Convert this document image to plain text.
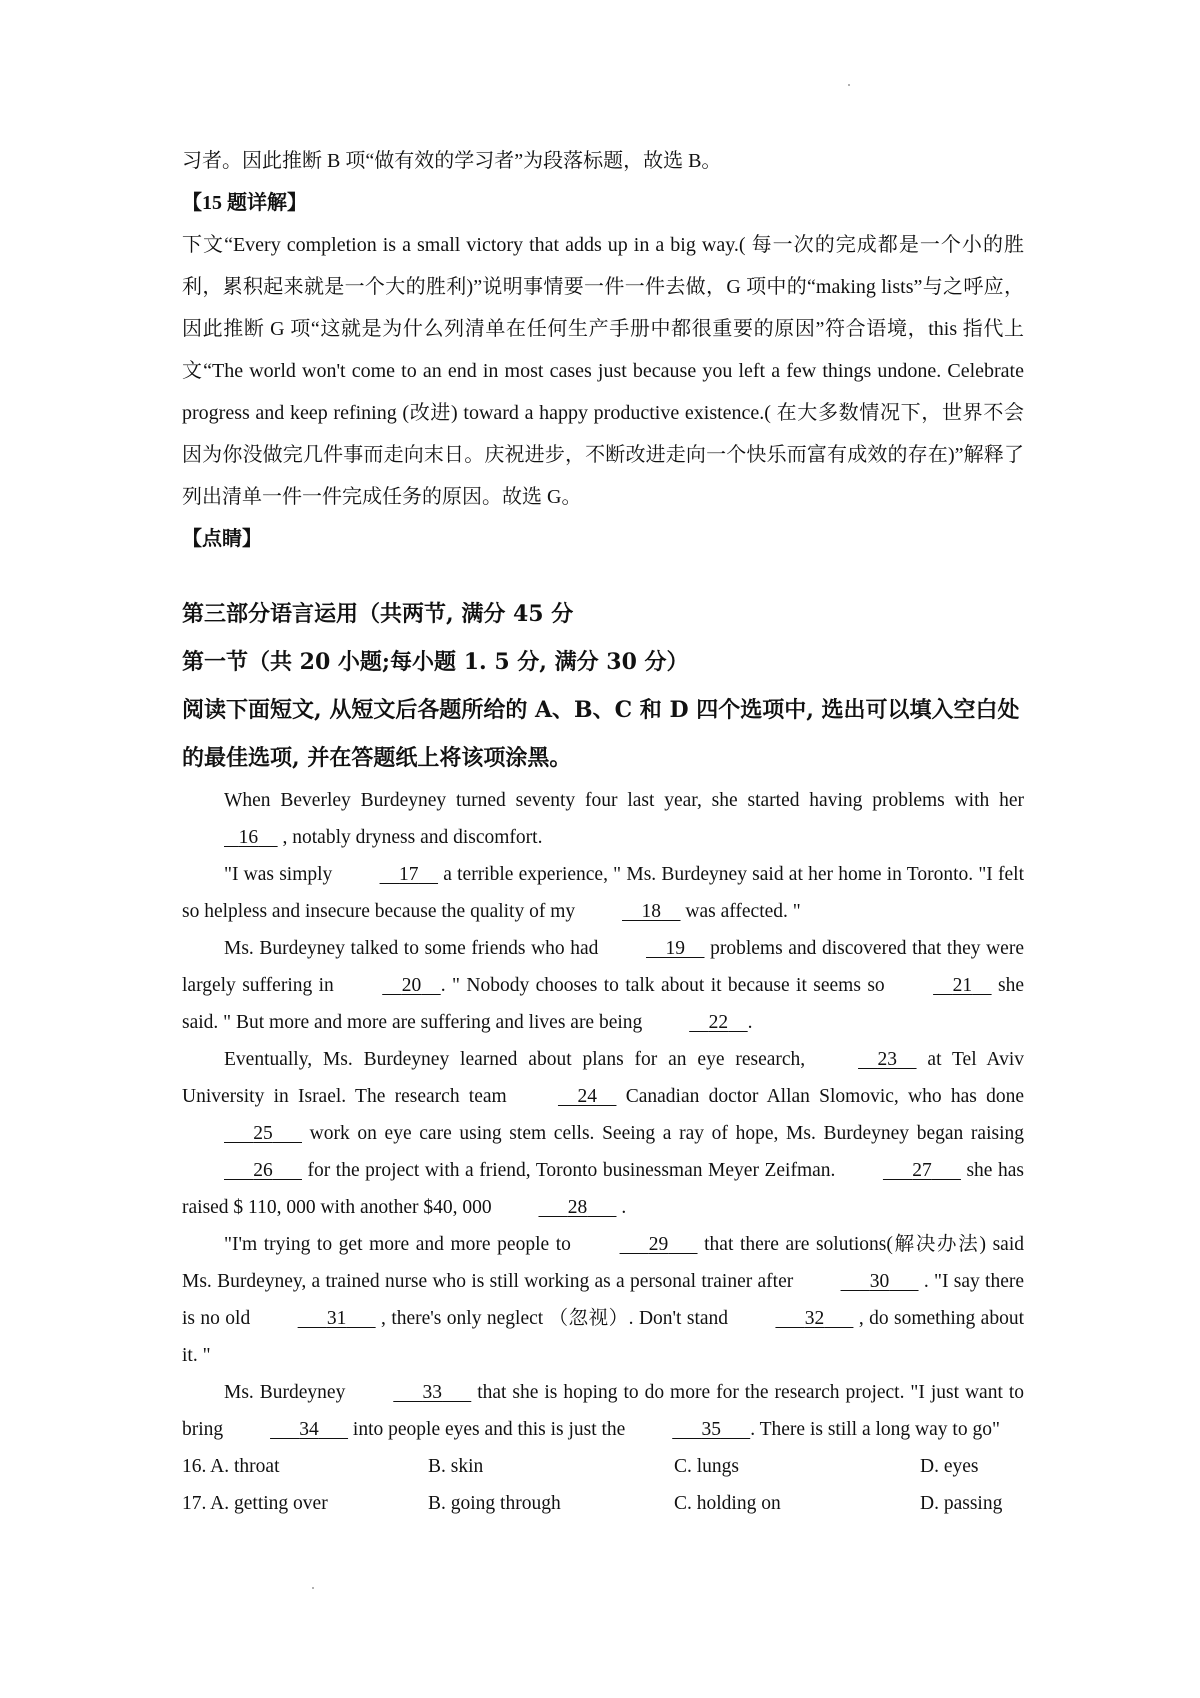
习者。因此推断 B 项“做有效的学习者”为段落标题，故选 B。
【15 题详解】
下文“Every completion is a small victory that adds up in a big way.( 每一次的完成都是一个小的胜利，累积起来就是一个大的胜利)”说明事情要一件一件去做，G 项中的“making lists”与之呼应，因此推断 G 项“这就是为什么列清单在任何生产手册中都很重要的原因”符合语境，this 指代上文“The world won't come to an end in most cases just because you left a few things undone. Celebrate progress and keep refining (改进) toward a happy productive existence.( 在大多数情况下，世界不会因为你没做完几件事而走向末日。庆祝进步，不断改进走向一个快乐而富有成效的存在)”解释了列出清单一件一件完成任务的原因。故选 G。
【点睛】
第三部分语言运用（共两节, 满分 45 分
第一节（共 20 小题;每小题 1. 5 分, 满分 30 分）
阅读下面短文, 从短文后各题所给的 A、B、C 和 D 四个选项中, 选出可以填入空白处的最佳选项, 并在答题纸上将该项涂黑。

When Beverley Burdeyney turned seventy four last year, she started having problems with her    16     , notably dryness and discomfort.

"I was simply	17     a terrible experience, " Ms. Burdeyney said at her home in Toronto. "I felt so helpless and insecure because the quality of my	18     was affected. "

Ms. Burdeyney talked to some friends who had	19     problems and discovered that they were largely suffering in	20 . " Nobody chooses to talk about it because it seems so	21     she said. " But more and more are suffering and lives are being	22 .

Eventually, Ms. Burdeyney learned about plans for an eye research,	23     at Tel Aviv University in Israel. The research team	24     Canadian doctor Allan Slomovic, who has done      25       work on eye care using stem cells. Seeing a ray of hope, Ms. Burdeyney began raising       26       for the project with a friend, Toronto businessman Meyer Zeifman.	27       she has raised $ 110, 000 with another $40, 000	28       .

"I'm trying to get more and more people to	29       that there are solutions(解决办法) said Ms. Burdeyney, a trained nurse who is still working as a personal trainer after	30       . "I say there is no old	31       , there's only neglect （忽视）. Don't stand	32       , do something about it. "

Ms. Burdeyney	33       that she is hoping to do more for the research project. "I just want to bring	34       into people eyes and this is just the	35 . There is still a long way to go"

16. A. throat	B. skin	C. lungs	D. eyes
17. A. getting over	B. going through	C. holding on	D. passing
